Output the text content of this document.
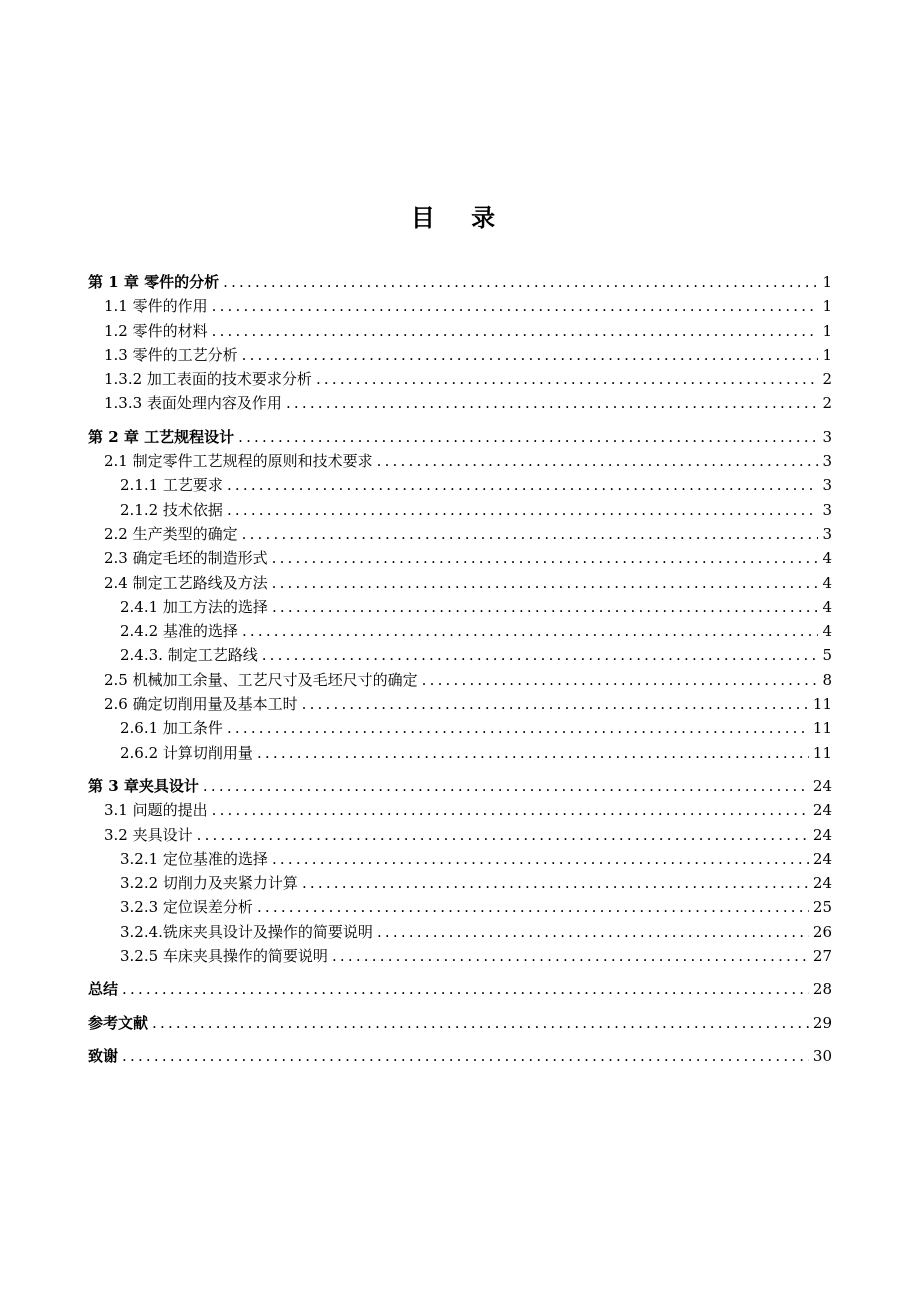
目 录
第 1 章 零件的分析 .....	1
1.1 零件的作用 .....	1
1.2 零件的材料 .....	1
1.3 零件的工艺分析 .....	1
1.3.2 加工表面的技术要求分析 .....	2
1.3.3 表面处理内容及作用 .....	2
第 2 章 工艺规程设计 .....	3
2.1 制定零件工艺规程的原则和技术要求 .....	3
2.1.1 工艺要求 .....	3
2.1.2 技术依据 .....	3
2.2 生产类型的确定 .....	3
2.3 确定毛坯的制造形式 .....	4
2.4 制定工艺路线及方法 .....	4
2.4.1 加工方法的选择 .....	4
2.4.2 基准的选择 .....	4
2.4.3. 制定工艺路线 .....	5
2.5 机械加工余量、工艺尺寸及毛坯尺寸的确定 .....	8
2.6 确定切削用量及基本工时 .....	11
2.6.1 加工条件 .....	11
2.6.2 计算切削用量 .....	11
第 3 章夹具设计 .....	24
3.1 问题的提出 .....	24
3.2 夹具设计 .....	24
3.2.1 定位基准的选择 .....	24
3.2.2 切削力及夹紧力计算 .....	24
3.2.3 定位误差分析 .....	25
3.2.4.铣床夹具设计及操作的简要说明 .....	26
3.2.5 车床夹具操作的简要说明 .....	27
总结 .....	28
参考文献 .....	29
致谢 .....	30
